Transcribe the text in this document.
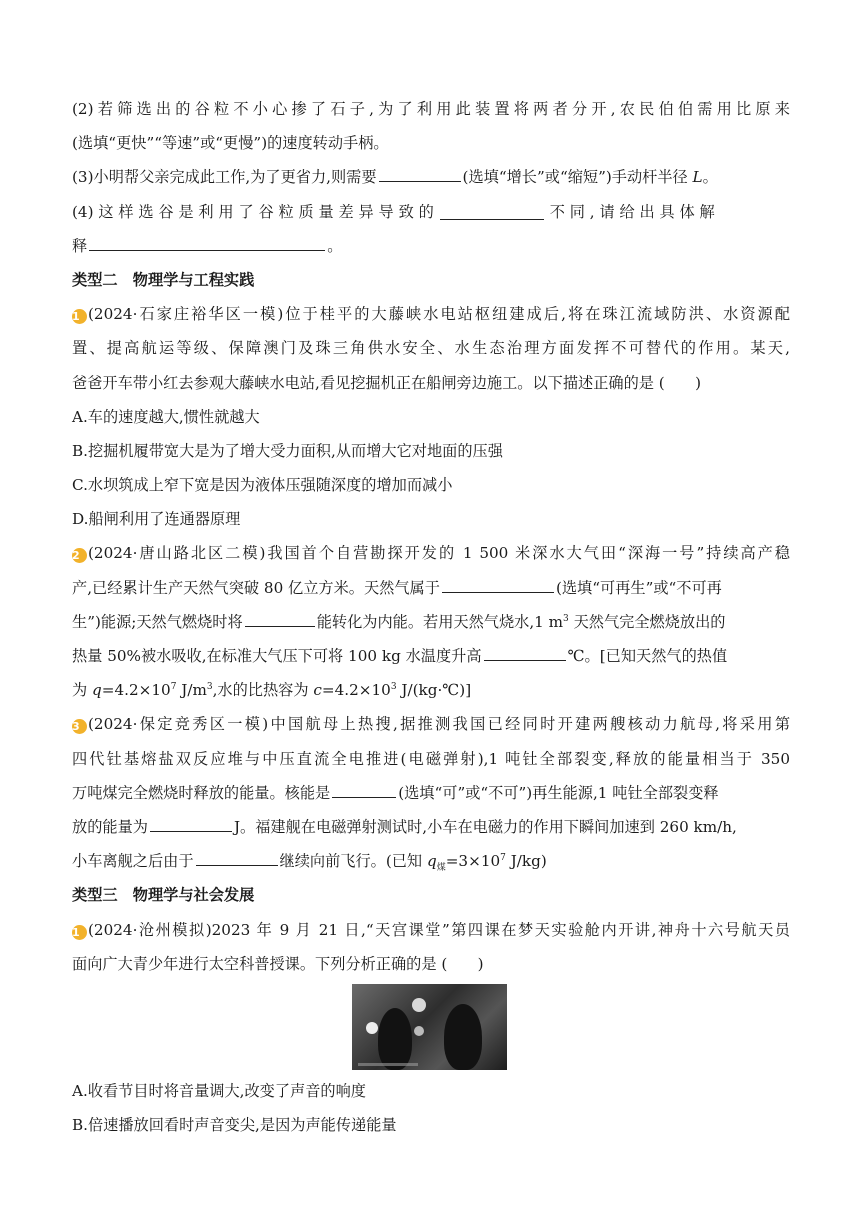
(2)若筛选出的谷粒不小心掺了石子,为了利用此装置将两者分开,农民伯伯需用比原来
(选填“更快”“等速”或“更慢”)的速度转动手柄。
(3)小明帮父亲完成此工作,为了更省力,则需要	(选填“增长”或“缩短”)手动杆半径 L。
(4) 这 样 选 谷 是 利 用 了 谷 粒 质 量 差 异 导 致 的	不 同 , 请 给 出 具 体 解
释	。
类型二　物理学与工程实践
1 (2024·石家庄裕华区一模)位于桂平的大藤峡水电站枢纽建成后,将在珠江流域防洪、水资源配
置、提高航运等级、保障澳门及珠三角供水安全、水生态治理方面发挥不可替代的作用。某天,
爸爸开车带小红去参观大藤峡水电站,看见挖掘机正在船闸旁边施工。以下描述正确的是 (　　)
A.车的速度越大,惯性就越大
B.挖掘机履带宽大是为了增大受力面积,从而增大它对地面的压强
C.水坝筑成上窄下宽是因为液体压强随深度的增加而减小
D.船闸利用了连通器原理
2 (2024·唐山路北区二模)我国首个自营勘探开发的 1 500 米深水大气田“深海一号”持续高产稳
产,已经累计生产天然气突破 80 亿立方米。天然气属于	(选填“可再生”或“不可再
生”)能源;天然气燃烧时将	能转化为内能。若用天然气烧水,1 $m^3$ 天然气完全燃烧放出的
热量 50%被水吸收,在标准大气压下可将 100 kg 水温度升高	℃。[已知天然气的热值
为 $q=4.2\times 10^7$ $J/m^3$,水的比热容为 $c=4.2\times 10^3$ J/(kg·℃)]
3 (2024·保定竞秀区一模)中国航母上热搜,据推测我国已经同时开建两艘核动力航母,将采用第
四代钍基熔盐双反应堆与中压直流全电推进(电磁弹射),1 吨钍全部裂变,释放的能量相当于 350
万吨煤完全燃烧时释放的能量。核能是	(选填“可”或“不可”)再生能源,1 吨钍全部裂变释
放的能量为	J。福建舰在电磁弹射测试时,小车在电磁力的作用下瞬间加速到 260 km/h,
小车离舰之后由于	继续向前飞行。(已知 $q_煤=3\times 10^7$ J/kg)
类型三　物理学与社会发展
1 (2024·沧州模拟)2023 年 9 月 21 日,“天宫课堂”第四课在梦天实验舱内开讲,神舟十六号航天员
面向广大青少年进行太空科普授课。下列分析正确的是 (　　)
A.收看节目时将音量调大,改变了声音的响度
B.倍速播放回看时声音变尖,是因为声能传递能量
